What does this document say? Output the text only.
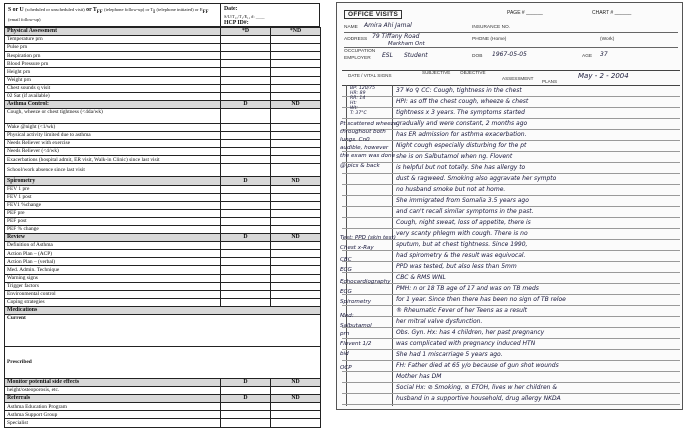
S or U (scheduled or unscheduled visit) or $T_{FF}$ (telephone follow-up) or $T_I$ (telephone initiated) or $E_{FF}$ (email follow-up)
Date:
S/U/T₁₁/T₁/E₁₁ #: ____
HCP ID#:
Physical Assessment	*D	*ND
Temperature prn		
Pulse prn		
Respiration prn		
Blood Pressure prn		
Height prn		
Weight prn		
Chest sounds q visit		
02 Sat (if available)		
Asthma Control:	D	ND
Cough, wheeze or chest tightness (<4da/wk)		
Wake @night (<1/wk)		
Physical activity limited due to asthma		
Needs Reliever with exercise		
Needs Reliever (<4/wk)		
Exacerbations (hospital admit, ER visit, Walk-in Clinic) since last visit		
School/work absence since last visit		
Spirometry	D	ND
FEV 1 pre		
FEV 1 post		
FEV1 %change		
PEF pre		
PEF post		
PEF % change		
Review	D	ND
Definition of Asthma		
Action Plan – (ACP)		
Action Plan – (verbal)		
Med. Admin. Technique		
Warning signs		
Trigger factors		
Environmental control		
Coping strategies		
Medications		
Current		
Prescribed		
Monitor potential side effects	D	ND
height/osteoporosis, etc.		
Referrals	D	ND
Asthma Education Program		
Asthma Support Group		
Specialist		
OFFICE VISITS	PAGE # ______	CHART # ______
NAME Amira Ahi Jamal	INSURANCE NO.
ADDRESS 79 Tiffany Road
Markham Ont
PHONE (Home)	(Work)
OCCUPATION
ESL
EMPLOYER	Student	DOB 1967-05-05	AGE 37
DATE / VITAL SIGNS
SUBJECTIVE OBJECTIVE
ASSESSMENT
PLANS
May - 2 - 2004
37 ¥o ♀ CC: Cough, tightness in the chest
HPI: as off the chest cough, wheeze & chest
tightness x 3 years. The symptoms started
gradually and were constant, 2 months ago
has ER admission for asthma exacerbation.
Night cough especially disturbing for the pt
she is on Salbutamol when ng. Flovent
is helpful but not totally. She has allergy to
dust & ragweed. Smoking also aggravate her sympto
no husband smoke but not at home.
She immigrated from Somalia 3.5 years ago
and can't recall similar symptoms in the past.
Cough, night sweat, loss of appetite, there is
very scanty phlegm with cough. There is no
sputum, but at chest tightness. Since 1990,
had spirometry & the result was equivocal.
PPD was tested, but also less than 5mm
CBC & RMS WNL
PMH: n or 18 TB age of 17 and was on TB meds
for 1 year. Since then there has been no sign of TB reloe
® Rheumatic Fever of her Teens as a result
her mitral valve dysfunction.
Obs. Gyn. Hx: has 4 children, her past pregnancy
was complicated with pregnancy induced HTN
She had 1 miscarriage 5 years ago.
FH: Father died at 65 y/o because of gun shot wounds
Mother has DM
Social Hx: ⊘ Smoking, ⊘ ETOH, lives w her children &
husband in a supportive household, drug allergy NKDA
BP: 120/75
HR: 89
RR: 14
Ht:
Wt:
T: 37°C
Pt scattered wheeze
throughout both
lungs. Cn0
audible, however
the exam was done
@ pics & back
Test: PPD (skin test)
Chest x-Ray
CBC
ECG
Echocardiography
ECG
Spirometry
Med:
Salbutamol
prn
Flovent 1/2
bid
OCP
